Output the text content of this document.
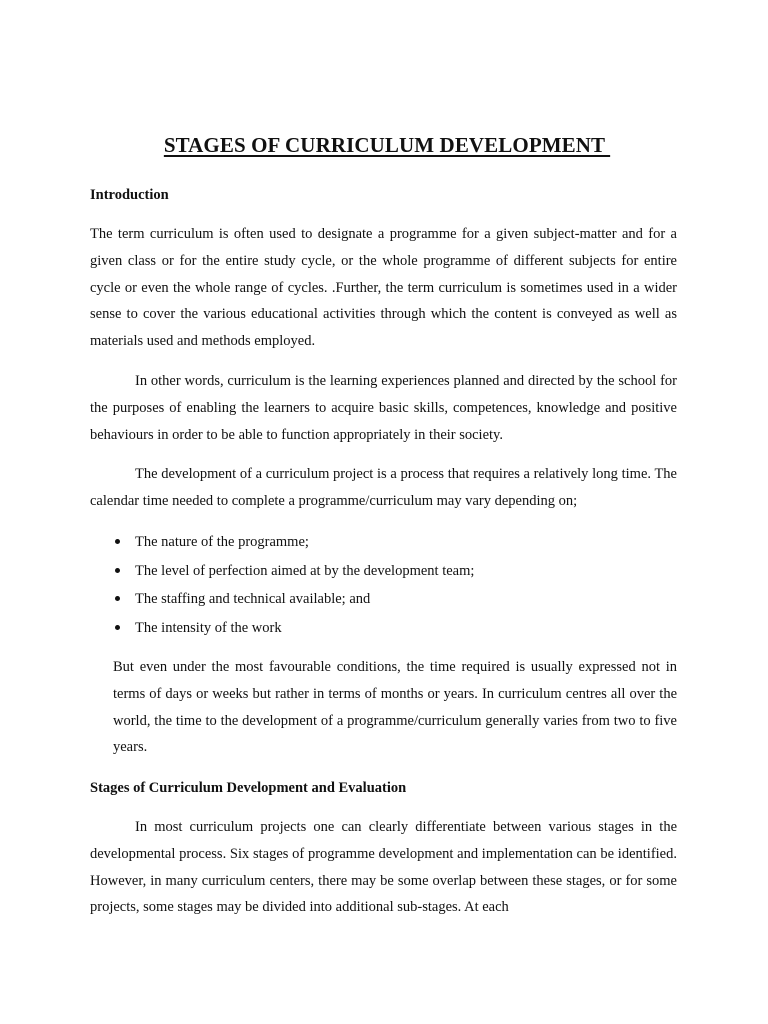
STAGES OF CURRICULUM DEVELOPMENT
Introduction

The term curriculum is often used to designate a programme for a given subject-matter and for a given class or for the entire study cycle, or the whole programme of different subjects for entire cycle or even the whole range of cycles. .Further, the term curriculum is sometimes used in a wider sense to cover the various educational activities through which the content is conveyed as well as materials used and methods employed.

In other words, curriculum is the learning experiences planned and directed by the school for the purposes of enabling the learners to acquire basic skills, competences, knowledge and positive behaviours in order to be able to function appropriately in their society.

The development of a curriculum project is a process that requires a relatively long time. The calendar time needed to complete a programme/curriculum may vary depending on;

The nature of the programme;
The level of perfection aimed at by the development team;
The staffing and technical available; and
The intensity of the work

But even under the most favourable conditions, the time required is usually expressed not in terms of days or weeks but rather in terms of months or years. In curriculum centres all over the world, the time to the development of a programme/curriculum generally varies from two to five years.

Stages of Curriculum Development and Evaluation

In most curriculum projects one can clearly differentiate between various stages in the developmental process. Six stages of programme development and implementation can be identified. However, in many curriculum centers, there may be some overlap between these stages, or for some projects, some stages may be divided into additional sub-stages. At each
